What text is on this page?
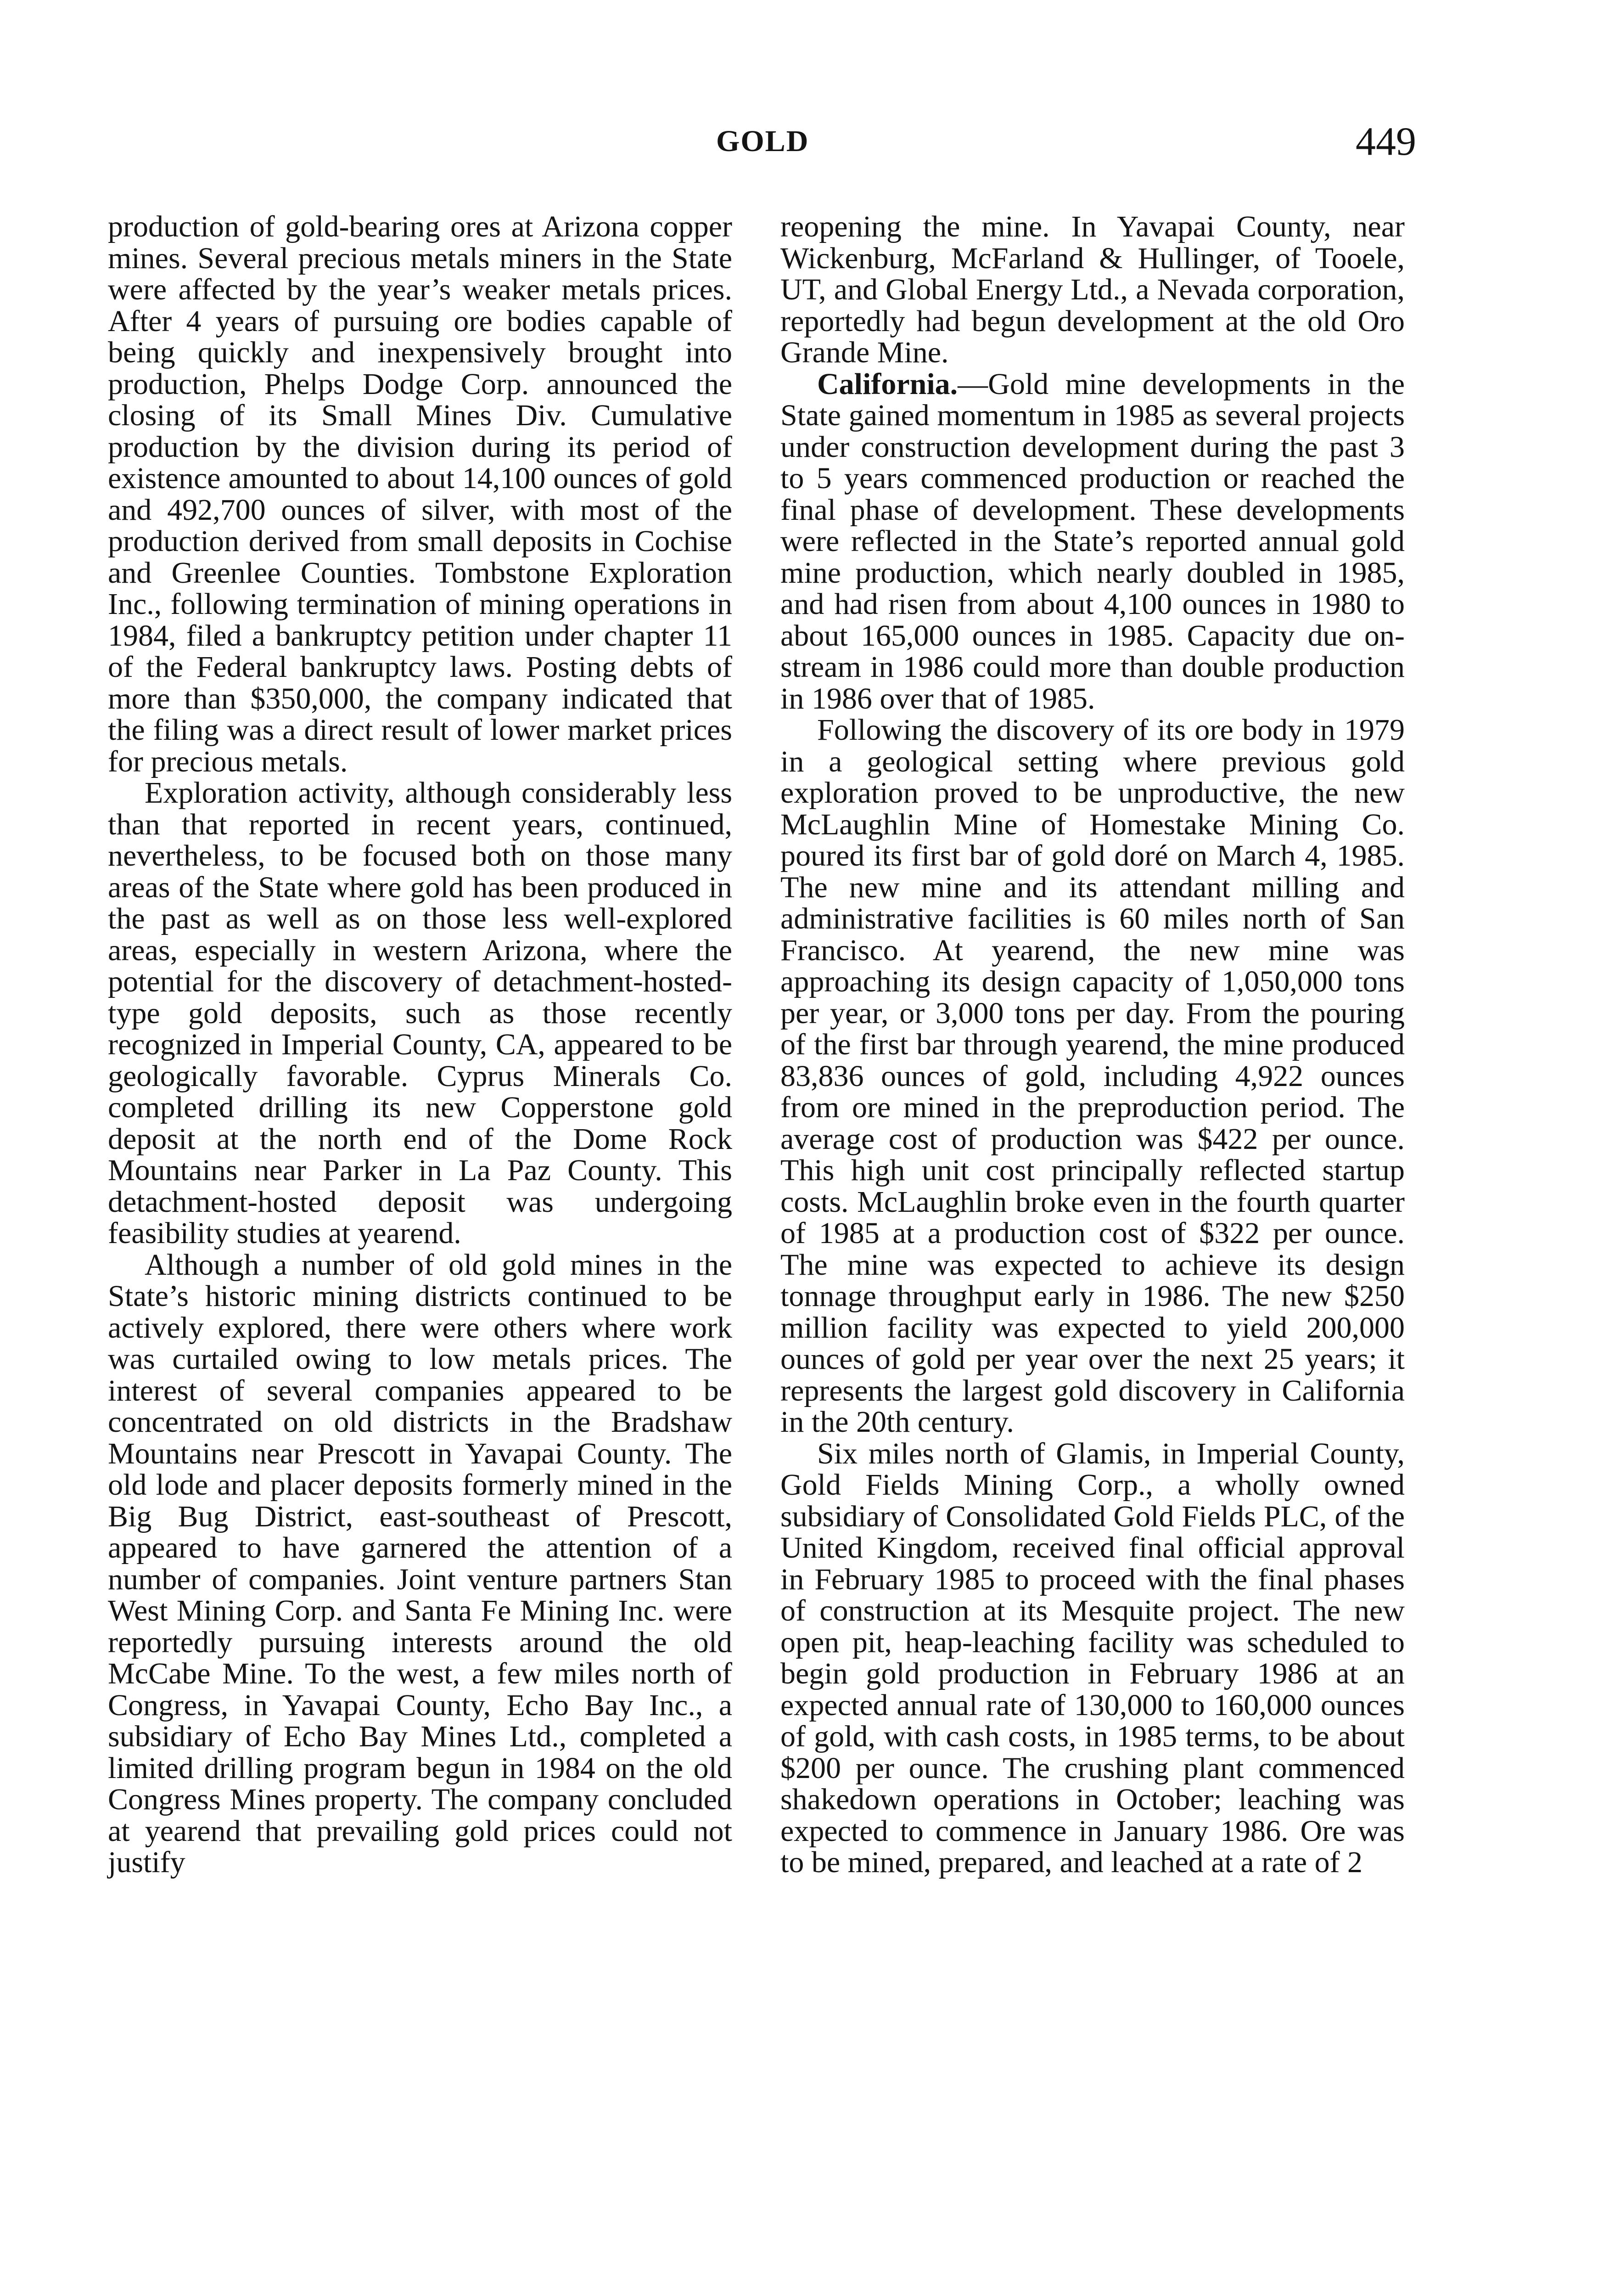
GOLD	449

production of gold-bearing ores at Arizona copper mines. Several precious metals miners in the State were affected by the year’s weaker metals prices. After 4 years of pursuing ore bodies capable of being quickly and inexpensively brought into production, Phelps Dodge Corp. announced the closing of its Small Mines Div. Cumulative production by the division during its period of existence amounted to about 14,100 ounces of gold and 492,700 ounces of silver, with most of the production derived from small deposits in Cochise and Greenlee Counties. Tombstone Exploration Inc., following termination of mining operations in 1984, filed a bankruptcy petition under chapter 11 of the Federal bankruptcy laws. Posting debts of more than $350,000, the company indicated that the filing was a direct result of lower market prices for precious metals.

Exploration activity, although considerably less than that reported in recent years, continued, nevertheless, to be focused both on those many areas of the State where gold has been produced in the past as well as on those less well-explored areas, especially in western Arizona, where the potential for the discovery of detachment-hosted-type gold deposits, such as those recently recognized in Imperial County, CA, appeared to be geologically favorable. Cyprus Minerals Co. completed drilling its new Copperstone gold deposit at the north end of the Dome Rock Mountains near Parker in La Paz County. This detachment-hosted deposit was undergoing feasibility studies at yearend.

Although a number of old gold mines in the State’s historic mining districts continued to be actively explored, there were others where work was curtailed owing to low metals prices. The interest of several companies appeared to be concentrated on old districts in the Bradshaw Mountains near Prescott in Yavapai County. The old lode and placer deposits formerly mined in the Big Bug District, east-southeast of Prescott, appeared to have garnered the attention of a number of companies. Joint venture partners Stan West Mining Corp. and Santa Fe Mining Inc. were reportedly pursuing interests around the old McCabe Mine. To the west, a few miles north of Congress, in Yavapai County, Echo Bay Inc., a subsidiary of Echo Bay Mines Ltd., completed a limited drilling program begun in 1984 on the old Congress Mines property. The company concluded at yearend that prevailing gold prices could not justify

reopening the mine. In Yavapai County, near Wickenburg, McFarland & Hullinger, of Tooele, UT, and Global Energy Ltd., a Nevada corporation, reportedly had begun development at the old Oro Grande Mine.

California.—Gold mine developments in the State gained momentum in 1985 as several projects under construction development during the past 3 to 5 years commenced production or reached the final phase of development. These developments were reflected in the State’s reported annual gold mine production, which nearly doubled in 1985, and had risen from about 4,100 ounces in 1980 to about 165,000 ounces in 1985. Capacity due on-stream in 1986 could more than double production in 1986 over that of 1985.

Following the discovery of its ore body in 1979 in a geological setting where previous gold exploration proved to be unproductive, the new McLaughlin Mine of Homestake Mining Co. poured its first bar of gold doré on March 4, 1985. The new mine and its attendant milling and administrative facilities is 60 miles north of San Francisco. At yearend, the new mine was approaching its design capacity of 1,050,000 tons per year, or 3,000 tons per day. From the pouring of the first bar through yearend, the mine produced 83,836 ounces of gold, including 4,922 ounces from ore mined in the preproduction period. The average cost of production was $422 per ounce. This high unit cost principally reflected startup costs. McLaughlin broke even in the fourth quarter of 1985 at a production cost of $322 per ounce. The mine was expected to achieve its design tonnage throughput early in 1986. The new $250 million facility was expected to yield 200,000 ounces of gold per year over the next 25 years; it represents the largest gold discovery in California in the 20th century.

Six miles north of Glamis, in Imperial County, Gold Fields Mining Corp., a wholly owned subsidiary of Consolidated Gold Fields PLC, of the United Kingdom, received final official approval in February 1985 to proceed with the final phases of construction at its Mesquite project. The new open pit, heap-leaching facility was scheduled to begin gold production in February 1986 at an expected annual rate of 130,000 to 160,000 ounces of gold, with cash costs, in 1985 terms, to be about $200 per ounce. The crushing plant commenced shakedown operations in October; leaching was expected to commence in January 1986. Ore was to be mined, prepared, and leached at a rate of 2
